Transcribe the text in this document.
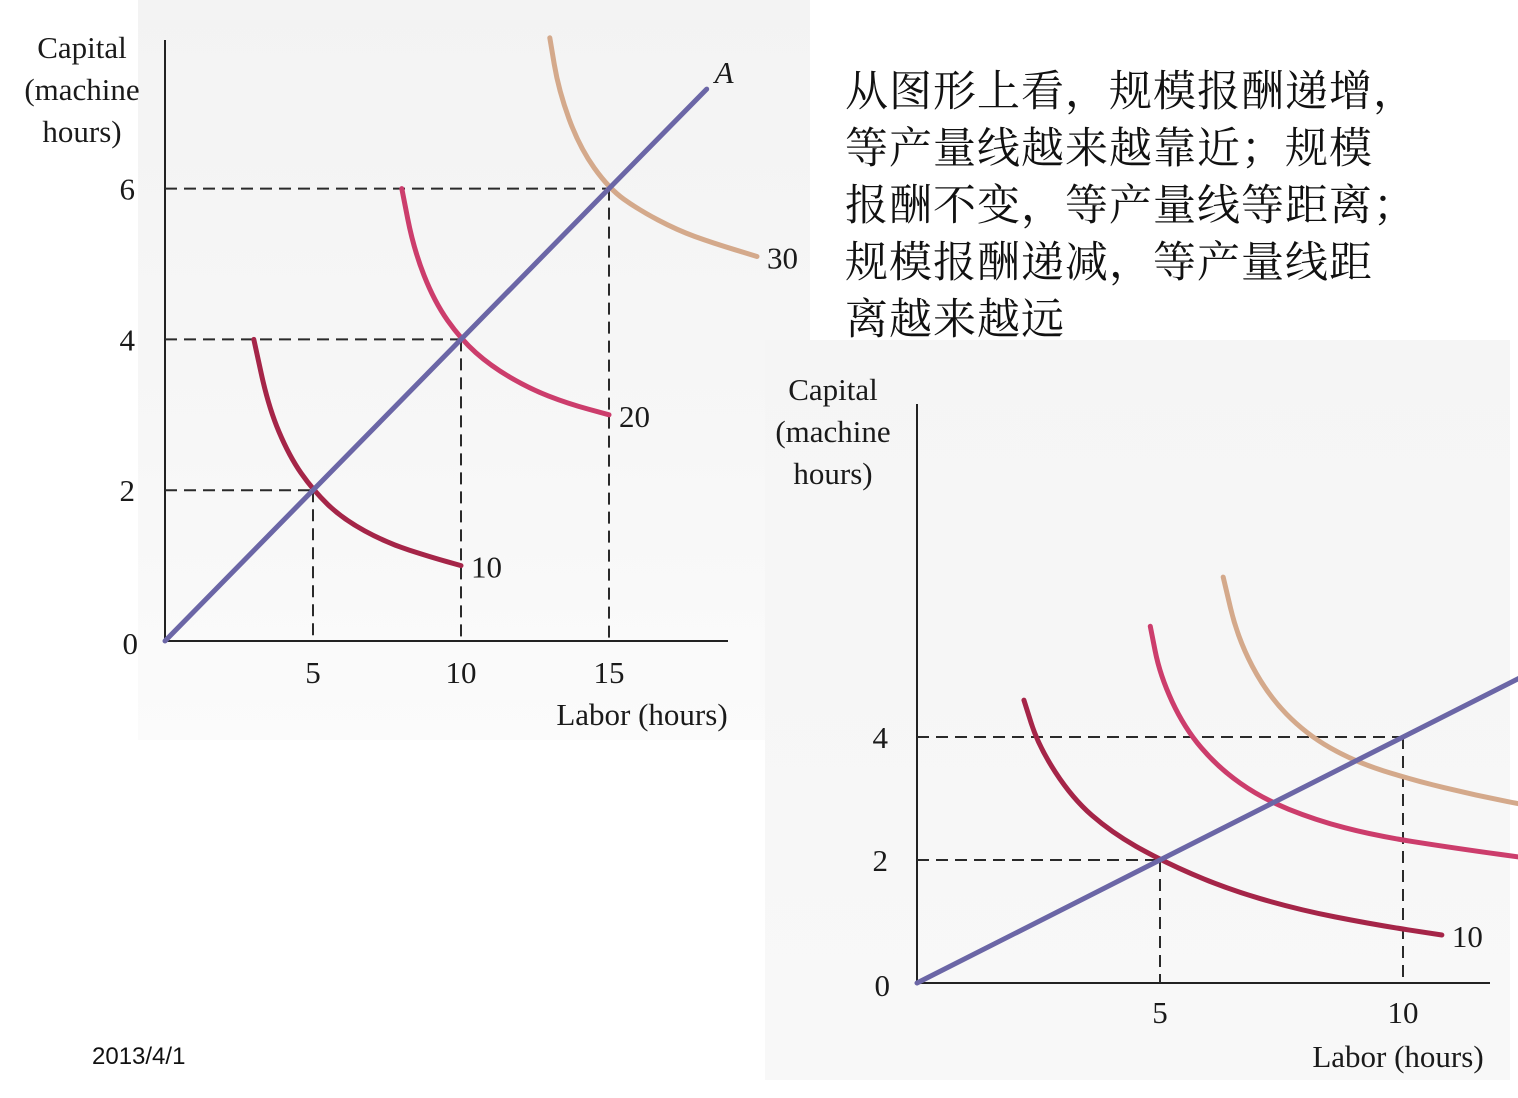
Capital
(machine
hours)
Labor (hours)
0
5	10	15
2
4
6
10
20
30
A
Capital
(machine
hours)
Labor (hours)
0
5	10
2
4
10
从图形上看，规模报酬递增，
等产量线越来越靠近；规模
报酬不变，等产量线等距离；
规模报酬递减，等产量线距
离越来越远
2013/4/1
